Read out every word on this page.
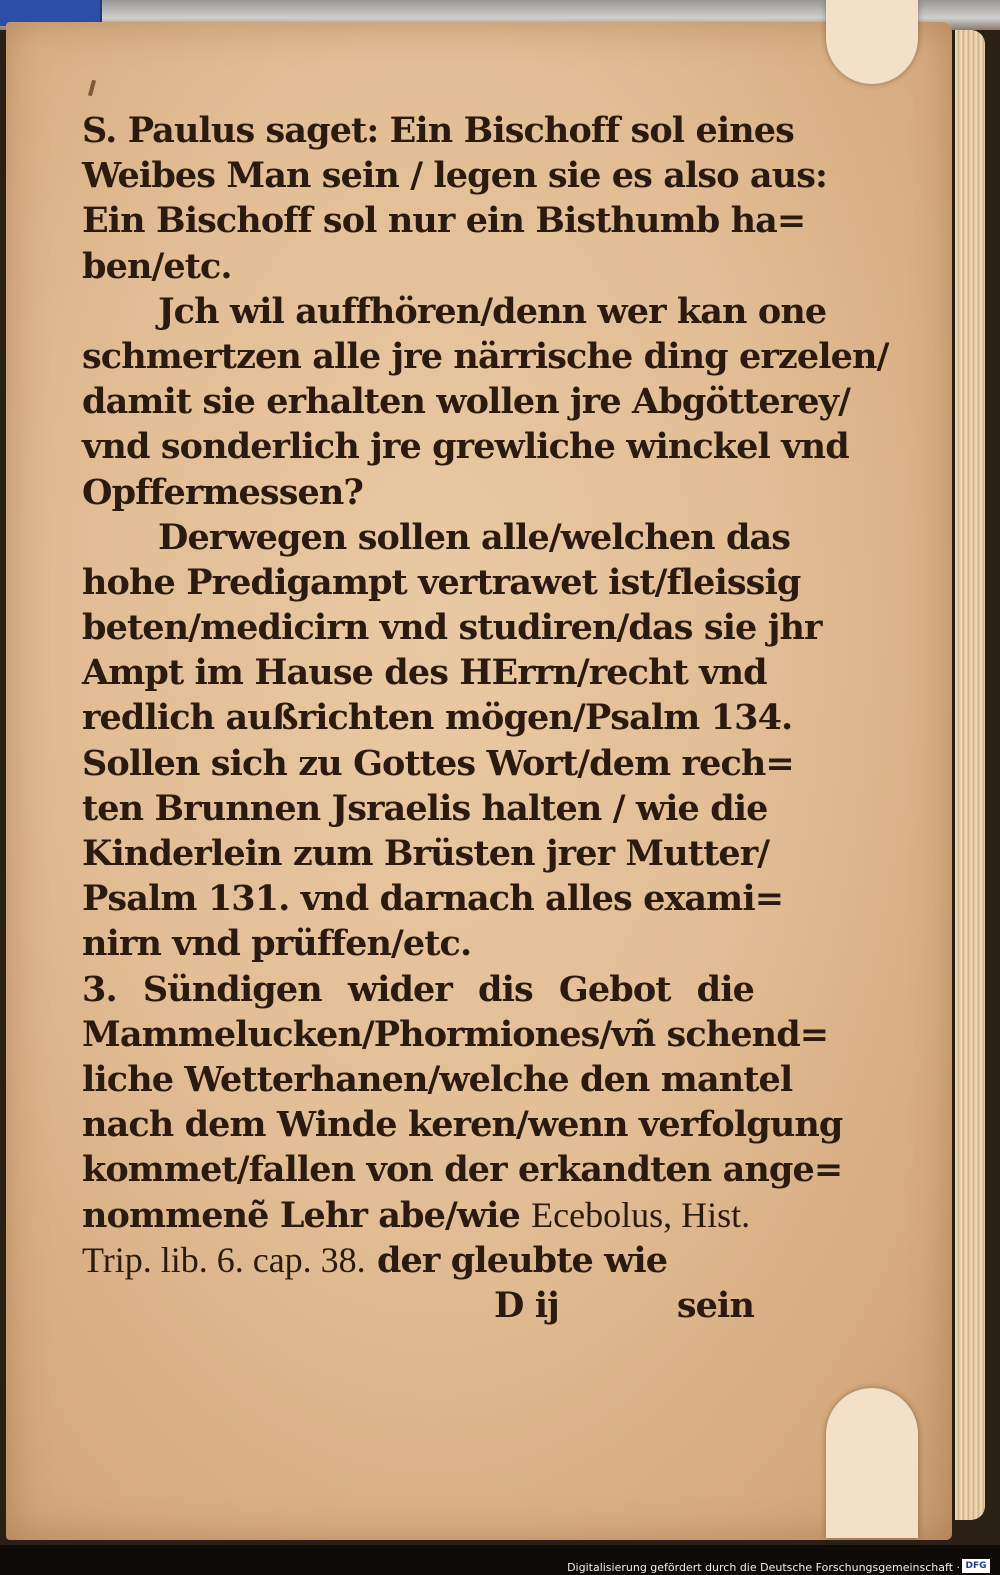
S. Paulus saget: Ein Bischoff sol eines
Weibes Man sein / legen sie es also aus:
Ein Bischoff sol nur ein Bisthumb ha=
ben/etc.
Jch wil auffhören/denn wer kan one
schmertzen alle jre närrische ding erzelen/
damit sie erhalten wollen jre Abgötterey/
vnd sonderlich jre grewliche winckel vnd
Opffermessen?
Derwegen sollen alle/welchen das
hohe Predigampt vertrawet ist/fleissig
beten/medicirn vnd studiren/das sie jhr
Ampt im Hause des HErrn/recht vnd
redlich außrichten mögen/Psalm 134.
Sollen sich zu Gottes Wort/dem rech=
ten Brunnen Jsraelis halten / wie die
Kinderlein zum Brüsten jrer Mutter/
Psalm 131. vnd darnach alles exami=
nirn vnd prüffen/etc.
3. Sündigen wider dis Gebot die
Mammelucken/Phormiones/vñ schend=
liche Wetterhanen/welche den mantel
nach dem Winde keren/wenn verfolgung
kommet/fallen von der erkandten ange=
nommenẽ Lehr abe/wie Ecebolus, Hist.
Trip. lib. 6. cap. 38. der gleubte wie
D ij	sein
Digitalisierung gefördert durch die Deutsche Forschungsgemeinschaft · DFG
